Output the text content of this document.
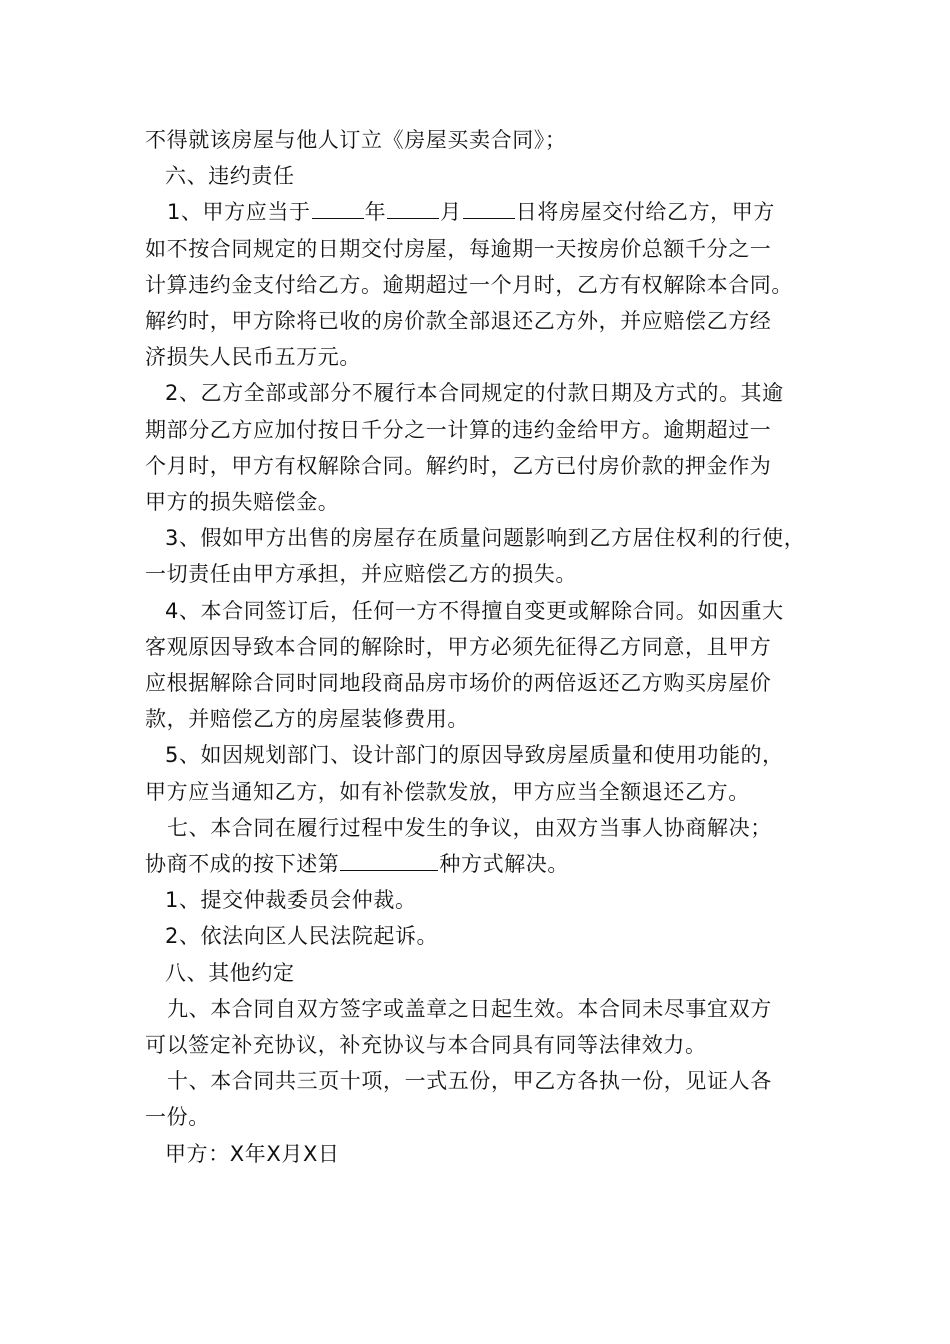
不得就该房屋与他人订立《房屋买卖合同》；
六、违约责任
1、甲方应当于	年	月	日将房屋交付给乙方，甲方
如不按合同规定的日期交付房屋，每逾期一天按房价总额千分之一
计算违约金支付给乙方。逾期超过一个月时，乙方有权解除本合同。
解约时，甲方除将已收的房价款全部退还乙方外，并应赔偿乙方经
济损失人民币五万元。
2、乙方全部或部分不履行本合同规定的付款日期及方式的。其逾
期部分乙方应加付按日千分之一计算的违约金给甲方。逾期超过一
个月时，甲方有权解除合同。解约时，乙方已付房价款的押金作为
甲方的损失赔偿金。
3、假如甲方出售的房屋存在质量问题影响到乙方居住权利的行使，
一切责任由甲方承担，并应赔偿乙方的损失。
4、本合同签订后，任何一方不得擅自变更或解除合同。如因重大
客观原因导致本合同的解除时，甲方必须先征得乙方同意，且甲方
应根据解除合同时同地段商品房市场价的两倍返还乙方购买房屋价
款，并赔偿乙方的房屋装修费用。
5、如因规划部门、设计部门的原因导致房屋质量和使用功能的，
甲方应当通知乙方，如有补偿款发放，甲方应当全额退还乙方。
七、本合同在履行过程中发生的争议，由双方当事人协商解决；
协商不成的按下述第	种方式解决。
1、提交仲裁委员会仲裁。
2、依法向区人民法院起诉。
八、其他约定
九、本合同自双方签字或盖章之日起生效。本合同未尽事宜双方
可以签定补充协议，补充协议与本合同具有同等法律效力。
十、本合同共三页十项，一式五份，甲乙方各执一份，见证人各
一份。
甲方：X年X月X日
